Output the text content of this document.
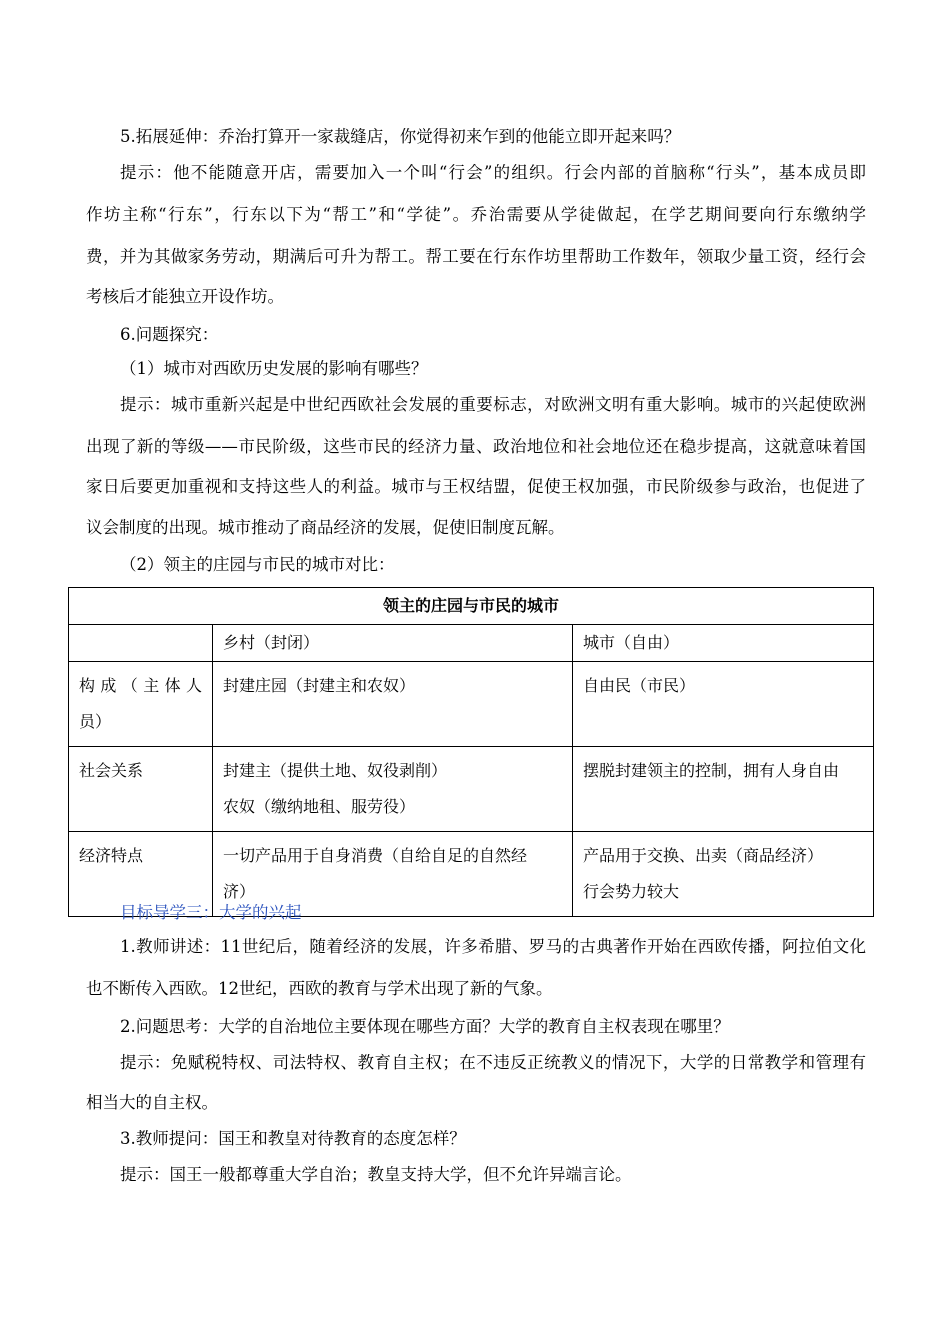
5.拓展延伸：乔治打算开一家裁缝店，你觉得初来乍到的他能立即开起来吗？
提示：他不能随意开店，需要加入一个叫“行会”的组织。行会内部的首脑称“行头”，基本成员即
作坊主称“行东”，行东以下为“帮工”和“学徒”。乔治需要从学徒做起，在学艺期间要向行东缴纳学
费，并为其做家务劳动，期满后可升为帮工。帮工要在行东作坊里帮助工作数年，领取少量工资，经行会
考核后才能独立开设作坊。
6.问题探究：
（1）城市对西欧历史发展的影响有哪些？
提示：城市重新兴起是中世纪西欧社会发展的重要标志，对欧洲文明有重大影响。城市的兴起使欧洲
出现了新的等级——市民阶级，这些市民的经济力量、政治地位和社会地位还在稳步提高，这就意味着国
家日后要更加重视和支持这些人的利益。城市与王权结盟，促使王权加强，市民阶级参与政治，也促进了
议会制度的出现。城市推动了商品经济的发展，促使旧制度瓦解。
（2）领主的庄园与市民的城市对比：
领主的庄园与市民的城市		
	乡村（封闭）	城市（自由）

构 成 （ 主 体 人
员）	封建庄园（封建主和农奴）	自由民（市民）

社会关系	封建主（提供土地、奴役剥削）
农奴（缴纳地租、服劳役）	摆脱封建领主的控制，拥有人身自由

经济特点	一切产品用于自身消费（自给自足的自然经
济）	产品用于交换、出卖（商品经济）
行会势力较大
目标导学三：大学的兴起
1.教师讲述：11世纪后，随着经济的发展，许多希腊、罗马的古典著作开始在西欧传播，阿拉伯文化
也不断传入西欧。12世纪，西欧的教育与学术出现了新的气象。
2.问题思考：大学的自治地位主要体现在哪些方面？大学的教育自主权表现在哪里？
提示：免赋税特权、司法特权、教育自主权；在不违反正统教义的情况下，大学的日常教学和管理有
相当大的自主权。
3.教师提问：国王和教皇对待教育的态度怎样？
提示：国王一般都尊重大学自治；教皇支持大学，但不允许异端言论。
